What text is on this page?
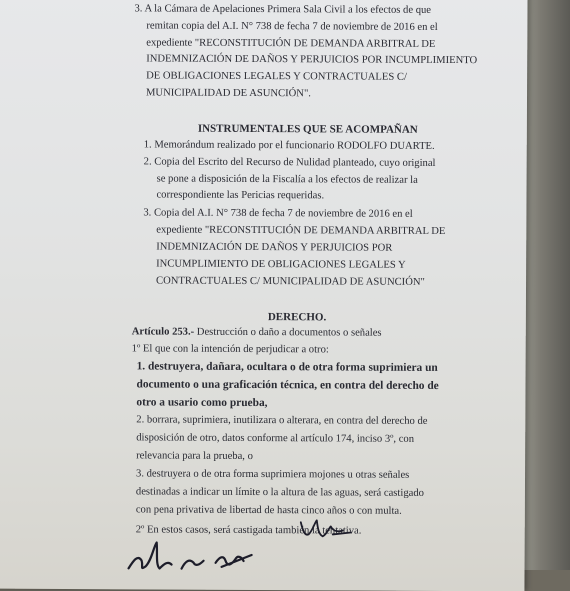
3. A la Cámara de Apelaciones Primera Sala Civil a los efectos de que
remitan copia del A.I. N° 738 de fecha 7 de noviembre de 2016 en el
expediente "RECONSTITUCIÓN DE DEMANDA ARBITRAL DE
INDEMNIZACIÓN DE DAÑOS Y PERJUICIOS POR INCUMPLIMIENTO
DE OBLIGACIONES LEGALES Y CONTRACTUALES C/
MUNICIPALIDAD DE ASUNCIÓN".
INSTRUMENTALES QUE SE ACOMPAÑAN
1. Memorándum realizado por el funcionario RODOLFO DUARTE.
2. Copia del Escrito del Recurso de Nulidad planteado, cuyo original
se pone a disposición de la Fiscalía a los efectos de realizar la
correspondiente las Pericias requeridas.
3. Copia del A.I. N° 738 de fecha 7 de noviembre de 2016 en el
expediente "RECONSTITUCIÓN DE DEMANDA ARBITRAL DE
INDEMNIZACIÓN DE DAÑOS Y PERJUICIOS POR
INCUMPLIMIENTO DE OBLIGACIONES LEGALES Y
CONTRACTUALES C/ MUNICIPALIDAD DE ASUNCIÓN"
DERECHO.
Artículo 253.- Destrucción o daño a documentos o señales
1º El que con la intención de perjudicar a otro:
1. destruyera, dañara, ocultara o de otra forma suprimiera un
documento o una graficación técnica, en contra del derecho de
otro a usario como prueba,
2. borrara, suprimiera, inutilizara o alterara, en contra del derecho de
disposición de otro, datos conforme al artículo 174, inciso 3º, con
relevancia para la prueba, o
3. destruyera o de otra forma suprimiera mojones u otras señales
destinadas a indicar un límite o la altura de las aguas, será castigado
con pena privativa de libertad de hasta cinco años o con multa.
2º En estos casos, será castigada también la tentativa.
